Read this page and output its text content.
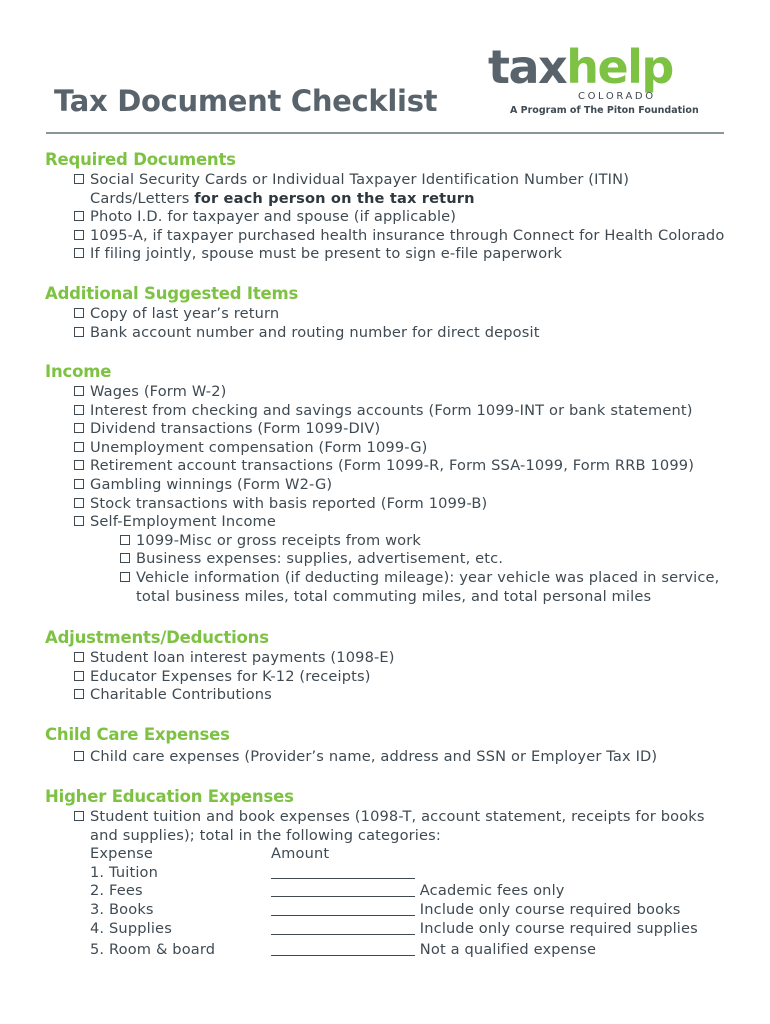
Tax Document Checklist
taxhelp
COLORADO
A Program of The Piton Foundation
Required Documents
Social Security Cards or Individual Taxpayer Identification Number (ITIN)
Cards/Letters for each person on the tax return
Photo I.D. for taxpayer and spouse (if applicable)
1095-A, if taxpayer purchased health insurance through Connect for Health Colorado
If filing jointly, spouse must be present to sign e-file paperwork
Additional Suggested Items
Copy of last year’s return
Bank account number and routing number for direct deposit
Income
Wages (Form W-2)
Interest from checking and savings accounts (Form 1099-INT or bank statement)
Dividend transactions (Form 1099-DIV)
Unemployment compensation (Form 1099-G)
Retirement account transactions (Form 1099-R, Form SSA-1099, Form RRB 1099)
Gambling winnings (Form W2-G)
Stock transactions with basis reported (Form 1099-B)
Self-Employment Income
1099-Misc or gross receipts from work
Business expenses: supplies, advertisement, etc.
Vehicle information (if deducting mileage): year vehicle was placed in service,
total business miles, total commuting miles, and total personal miles
Adjustments/Deductions
Student loan interest payments (1098-E)
Educator Expenses for K-12 (receipts)
Charitable Contributions
Child Care Expenses
Child care expenses (Provider’s name, address and SSN or Employer Tax ID)
Higher Education Expenses
Student tuition and book expenses (1098-T, account statement, receipts for books
and supplies); total in the following categories:
Expense	Amount
1. Tuition
2. Fees	Academic fees only
3. Books	Include only course required books
4. Supplies	Include only course required supplies
5. Room & board	Not a qualified expense
